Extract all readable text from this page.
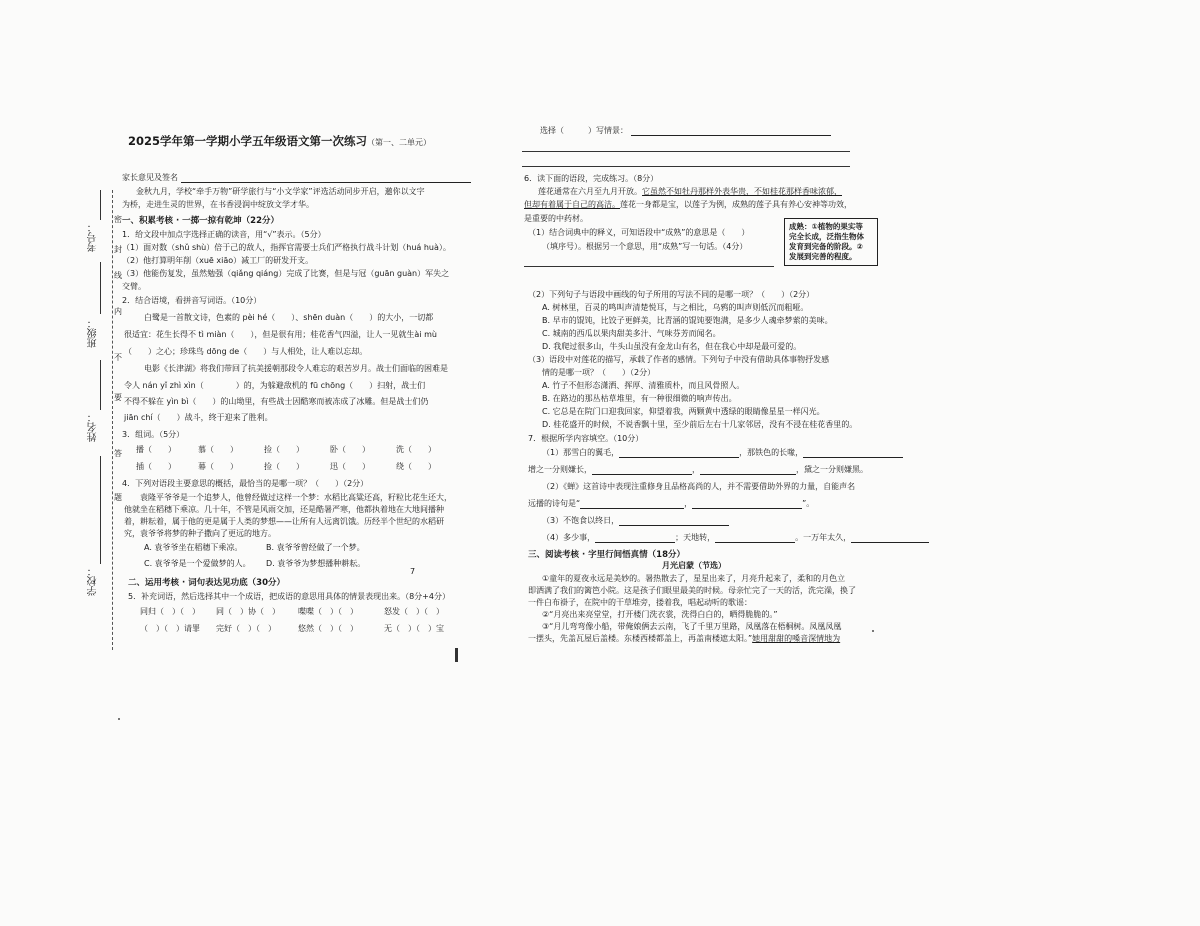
考号：
班级：
姓名：
学校：
密
封
线
内
不
要
答
题
2025学年第一学期小学五年级语文第一次练习（第一、二单元）
家长意见及签名
金秋九月，学校“牵手万物”研学旅行与“小文学家”评选活动同步开启，邀你以文字
为桥，走进生灵的世界，在书香浸润中绽放文学才华。
一、积累考核 · 一掷一掠有乾坤（22分）
1．给文段中加点字选择正确的读音，用“√”表示。（5分）
（1）面对数（shǔ shù）倍于己的敌人，指挥官需要士兵们严格执行战斗计划（huá huà）。
（2）他打算明年削（xuē xiāo）减工厂的研发开支。
（3）他能伤复发，虽然勉强（qiǎng qiáng）完成了比赛，但是与冠（guān guàn）军失之
交臂。
2．结合语境，看拼音写词语。（10分）
白鹭是一首散文诗，色素的 pèi hé（　　）、shēn duàn（　　）的大小，一切都
很适宜：花生长得不 tì miàn（　　），但是很有用；桂花香气四溢，让人一见就生ài mù
（　　）之心；珍珠鸟 dōng de（　　）与人相处，让人难以忘却。
电影《长津湖》将我们带回了抗美援朝那段令人难忘的艰苦岁月。战士们面临的困难是
令人 nán yǐ zhì xìn（　　　　）的，为躲避敌机的 fū chōng（　　）扫射，战士们
不得不躲在 yìn bì（　　）的山坳里，有些战士因酷寒而被冻成了冰雕。但是战士们仍
jiān chí（　　）战斗，终于迎来了胜利。
3．组词。（5分）
播（　　）	慕（　　）	捡（　　）	卧（　　）	洗（　　）
插（　　）	幕（　　）	捡（　　）	迅（　　）	绕（　　）
4．下列对语段主要意思的概括，最恰当的是哪一项？（　　）（2分）
袁隆平爷爷是一个追梦人，他曾经做过这样一个梦：水稻比高粱还高，籽粒比花生还大，
他就坐在稻穗下乘凉。几十年，不管是风雨交加，还是酷暑严寒，他都执着地在大地间播种
着，耕耘着，属于他的更是属于人类的梦想——让所有人远离饥饿。历经半个世纪的水稻研
究，袁爷爷将梦的种子撒向了更远的地方。
A. 袁爷爷坐在稻穗下乘凉。	B. 袁爷爷曾经做了一个梦。
C. 袁爷爷是一个爱做梦的人。 D. 袁爷爷为梦想播种耕耘。
二、运用考核 · 词句表达见功底（30分）
7
5．补充词语，然后选择其中一个成语，把成语的意思用具体的情景表现出来。（8分+4分）
同归（　）（　） 同（　）协（　） 喋喋（　）（　）	怒发（　）（　）
（　）（　）请罪 完好（　）（　）	悠然（　）（　）	无（　）（　）宝
选择（　　　）写情景：
6．读下面的语段，完成练习。（8分）
莲花通常在六月至九月开放。它虽然不如牡丹那样外表华贵，不如桂花那样香味浓郁，
但却有着属于自己的高洁。莲花一身都是宝，以莲子为例，成熟的莲子具有养心安神等功效，
是重要的中药材。
（1）结合词典中的释义，可知语段中“成熟”的意思是（　　）
（填序号）。根据另一个意思，用“成熟”写一句话。（4分）
成熟：①植物的果实等
完全长成，泛指生物体
发育到完备的阶段。②
发展到完善的程度。
（2）下列句子与语段中画线的句子所用的写法不同的是哪一项？（　　）（2分）
A. 树林里，百灵的鸣叫声清楚悦耳，与之相比，乌鸦的叫声则低沉而粗哑。
B. 早市的馄饨，比饺子更鲜美，比青涵的馄饨要饱满，是多少人魂牵梦萦的美味。
C. 城南的西瓜以果肉甜美多汁、气味芬芳而闻名。
D. 我爬过很多山，牛头山虽没有金龙山有名，但在我心中却是最可爱的。
（3）语段中对莲花的描写，承载了作者的感情。下列句子中没有借助具体事物抒发感
情的是哪一项？（　　）（2分）
A. 竹子不但形态潇洒、挥厚、清雅质朴，而且风骨照人。
B. 在路边的那丛枯草堆里，有一种很细微的响声传出。
C. 它总是在院门口迎我回家，仰望着我，两颗黄中透绿的眼睛像星星一样闪光。
D. 桂花盛开的时候，不说香飘十里，至少前后左右十几家邻居，没有不浸在桂花香里的。
7．根据所学内容填空。（10分）
（1）那雪白的翼毛，	，那铁色的长喙，
增之一分则嫌长，	，	，黛之一分则嫌黑。
（2）《蝉》这首诗中表现注重修身且品格高尚的人，并不需要借助外界的力量，自能声名
远播的诗句是“	，	”。
（3）不饱食以终日，
（4）多少事，	；天地转，	。一万年太久，
三、阅读考核 · 字里行间悟真情（18分）
月光启蒙（节选）
①童年的夏夜永远是美妙的。暑热散去了，星星出来了，月亮升起来了，柔和的月色立
即洒满了我们的篱笆小院。这是孩子们眼里最美的时候。母亲忙完了一天的活，洗完澡，换了
一件白布褂子，在院中的干草堆旁，搂着我，唱起动听的歌谣：
②“月亮出来亮堂堂，打开楼门洗衣裳，洗得白白的，晒得脆脆的。”
③“月儿弯弯像小船，带俺娘俩去云南，飞了千里万里路，凤凰落在梧桐树。凤凰凤凰
一摆头，先盖瓦屋后盖楼。东楼西楼都盖上，再盖南楼遮太阳。”她用甜甜的嗓音深情地为
